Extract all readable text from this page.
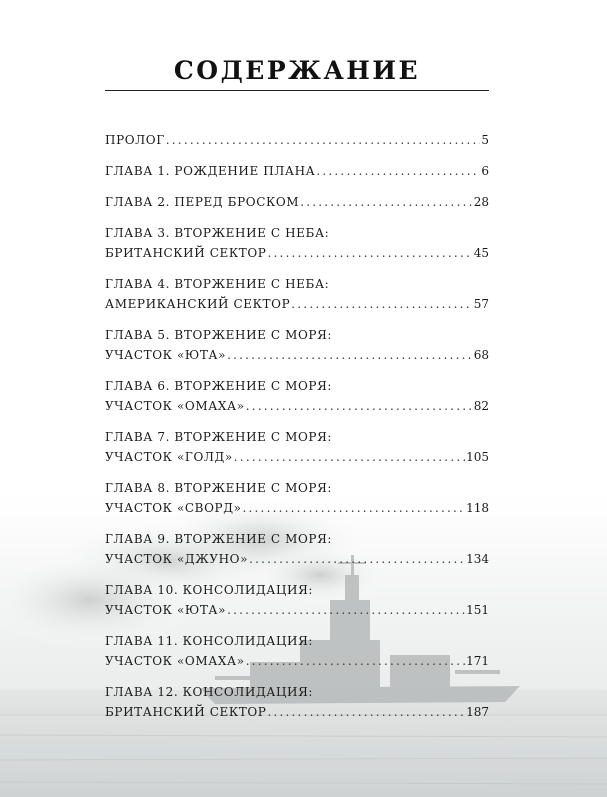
СОДЕРЖАНИЕ
ПРОЛОГ .....	5
ГЛАВА 1. РОЖДЕНИЕ ПЛАНА .....	6
ГЛАВА 2. ПЕРЕД БРОСКОМ .....	28
ГЛАВА 3. ВТОРЖЕНИЕ С НЕБА:
БРИТАНСКИЙ СЕКТОР .....	45
ГЛАВА 4. ВТОРЖЕНИЕ С НЕБА:
АМЕРИКАНСКИЙ СЕКТОР .....	57
ГЛАВА 5. ВТОРЖЕНИЕ С МОРЯ:
УЧАСТОК «ЮТА» .....	68
ГЛАВА 6. ВТОРЖЕНИЕ С МОРЯ:
УЧАСТОК «ОМАХА» .....	82
ГЛАВА 7. ВТОРЖЕНИЕ С МОРЯ:
УЧАСТОК «ГОЛД» .....	105
ГЛАВА 8. ВТОРЖЕНИЕ С МОРЯ:
УЧАСТОК «СВОРД» .....	118
ГЛАВА 9. ВТОРЖЕНИЕ С МОРЯ:
УЧАСТОК «ДЖУНО» .....	134
ГЛАВА 10. КОНСОЛИДАЦИЯ:
УЧАСТОК «ЮТА» .....	151
ГЛАВА 11. КОНСОЛИДАЦИЯ:
УЧАСТОК «ОМАХА» .....	171
ГЛАВА 12. КОНСОЛИДАЦИЯ:
БРИТАНСКИЙ СЕКТОР .....	187
